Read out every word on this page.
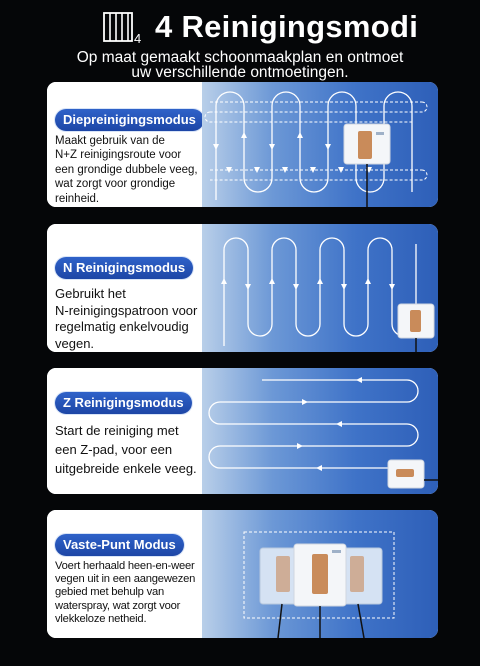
4 4 Reinigingsmodi
Op maat gemaakt schoonmaakplan en ontmoet
uw verschillende ontmoetingen.
Diepreinigingsmodus
Maakt gebruik van de
N+Z reinigingsroute voor
een grondige dubbele veeg,
wat zorgt voor grondige
reinheid.
N Reinigingsmodus
Gebruikt het
N-reinigingspatroon voor
regelmatig enkelvoudig
vegen.
Z Reinigingsmodus
Start de reiniging met
een Z-pad, voor een
uitgebreide enkele veeg.
Vaste-Punt Modus
Voert herhaald heen-en-weer
vegen uit in een aangewezen
gebied met behulp van
waterspray, wat zorgt voor
vlekkeloze netheid.
